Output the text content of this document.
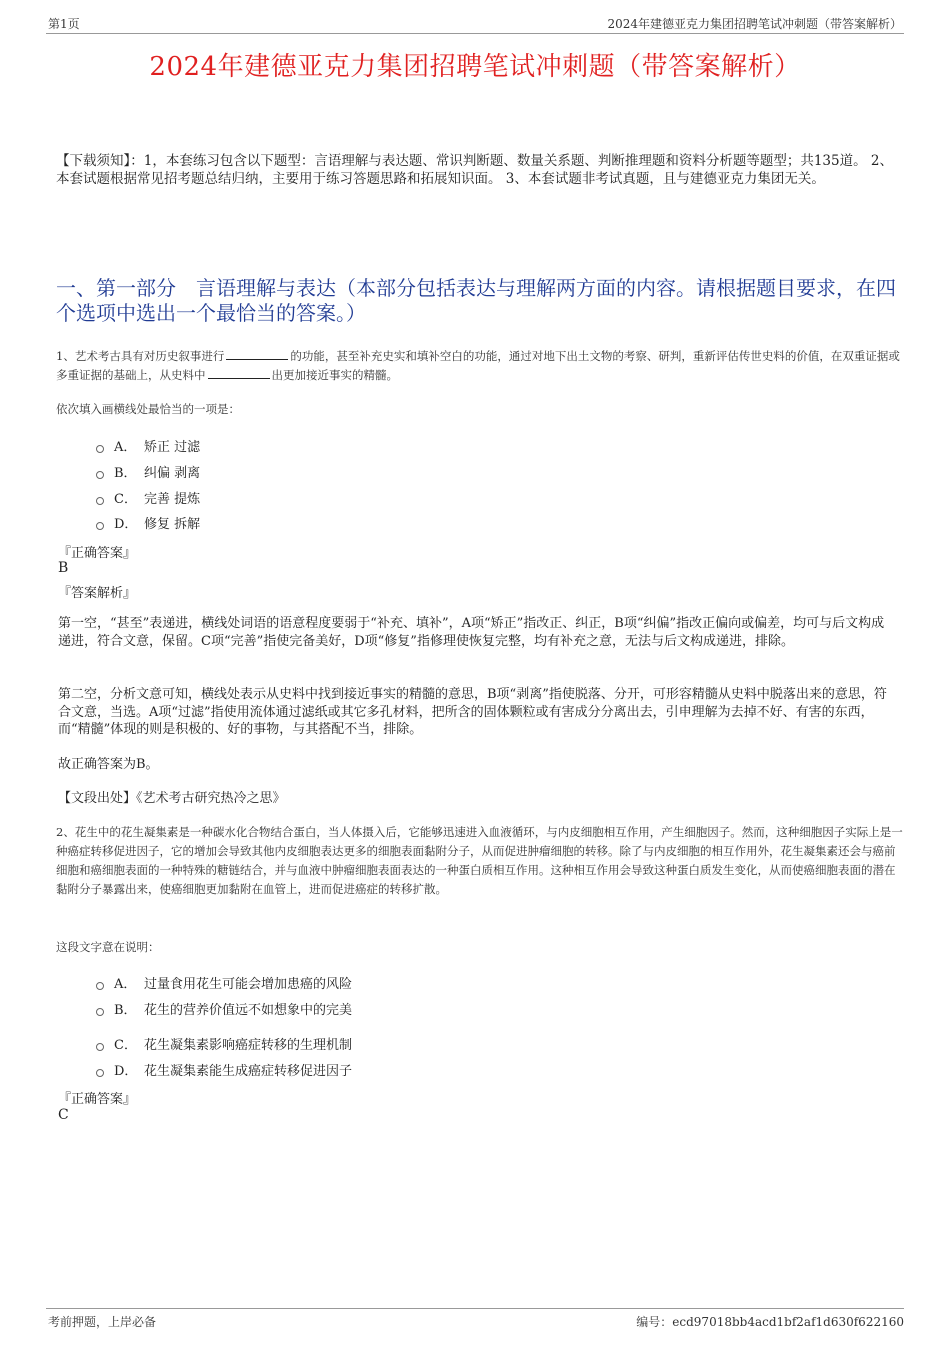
第1页	2024年建德亚克力集团招聘笔试冲刺题（带答案解析）
2024年建德亚克力集团招聘笔试冲刺题（带答案解析）
【下载须知】：1，本套练习包含以下题型：言语理解与表达题、常识判断题、数量关系题、判断推理题和资料分析题等题型；共135道。 2、本套试题根据常见招考题总结归纳，主要用于练习答题思路和拓展知识面。 3、本套试题非考试真题，且与建德亚克力集团无关。
一、第一部分　言语理解与表达（本部分包括表达与理解两方面的内容。请根据题目要求，在四个选项中选出一个最恰当的答案。）
1、艺术考古具有对历史叙事进行	的功能，甚至补充史实和填补空白的功能，通过对地下出土文物的考察、研判，重新评估传世史料的价值，在双重证据或多重证据的基础上，从史料中	出更加接近事实的精髓。
依次填入画横线处最恰当的一项是：
A． 矫正 过滤
B． 纠偏 剥离
C． 完善 提炼
D． 修复 拆解
『正确答案』
B
『答案解析』
第一空，“甚至”表递进，横线处词语的语意程度要弱于“补充、填补”，A项“矫正”指改正、纠正，B项“纠偏”指改正偏向或偏差，均可与后文构成递进，符合文意，保留。C项“完善”指使完备美好，D项“修复”指修理使恢复完整，均有补充之意，无法与后文构成递进，排除。
第二空，分析文意可知，横线处表示从史料中找到接近事实的精髓的意思，B项“剥离”指使脱落、分开，可形容精髓从史料中脱落出来的意思，符合文意，当选。A项“过滤”指使用流体通过滤纸或其它多孔材料，把所含的固体颗粒或有害成分分离出去，引申理解为去掉不好、有害的东西，而“精髓”体现的则是积极的、好的事物，与其搭配不当，排除。
故正确答案为B。
【文段出处】《艺术考古研究热冷之思》
2、花生中的花生凝集素是一种碳水化合物结合蛋白，当人体摄入后，它能够迅速进入血液循环，与内皮细胞相互作用，产生细胞因子。然而，这种细胞因子实际上是一种癌症转移促进因子，它的增加会导致其他内皮细胞表达更多的细胞表面黏附分子，从而促进肿瘤细胞的转移。除了与内皮细胞的相互作用外，花生凝集素还会与癌前细胞和癌细胞表面的一种特殊的糖链结合，并与血液中肿瘤细胞表面表达的一种蛋白质相互作用。这种相互作用会导致这种蛋白质发生变化，从而使癌细胞表面的潜在黏附分子暴露出来，使癌细胞更加黏附在血管上，进而促进癌症的转移扩散。
这段文字意在说明：
A． 过量食用花生可能会增加患癌的风险
B． 花生的营养价值远不如想象中的完美
C． 花生凝集素影响癌症转移的生理机制
D． 花生凝集素能生成癌症转移促进因子
『正确答案』
C
考前押题，上岸必备	编号：ecd97018bb4acd1bf2af1d630f622160
